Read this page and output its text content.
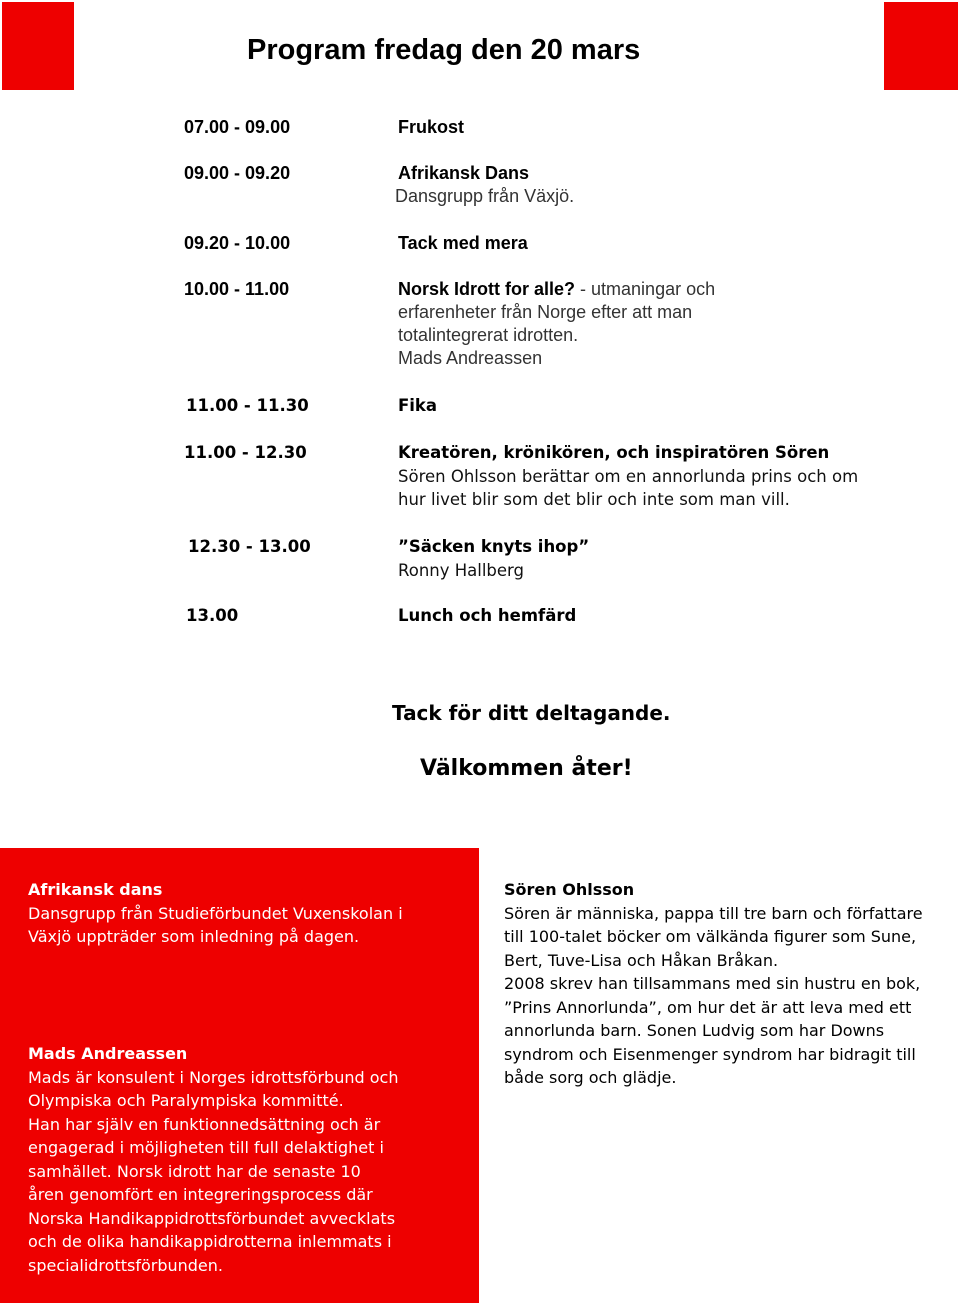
Program fredag den 20 mars
07.00 - 09.00	Frukost
09.00 - 09.20	Afrikansk Dans
Dansgrupp från Växjö.
09.20 - 10.00	Tack med mera
10.00 - 11.00	Norsk Idrott for alle? - utmaningar och
erfarenheter från Norge efter att man
totalintegrerat idrotten.
Mads Andreassen
11.00 - 11.30	Fika
11.00 - 12.30	Kreatören, krönikören, och inspiratören Sören
Sören Ohlsson berättar om en annorlunda prins och om
hur livet blir som det blir och inte som man vill.
12.30 - 13.00	”Säcken knyts ihop”
Ronny Hallberg
13.00	Lunch och hemfärd
Tack för ditt deltagande.
Välkommen åter!
Afrikansk dans
Dansgrupp från Studieförbundet Vuxenskolan i
Växjö uppträder som inledning på dagen.
Mads Andreassen
Mads är konsulent i Norges idrottsförbund och
Olympiska och Paralympiska kommitté.
Han har själv en funktionnedsättning och är
engagerad i möjligheten till full delaktighet i
samhället. Norsk idrott har de senaste 10
åren genomfört en integreringsprocess där
Norska Handikappidrottsförbundet avvecklats
och de olika handikappidrotterna inlemmats i
specialidrottsförbunden.
Sören Ohlsson
Sören är människa, pappa till tre barn och författare
till 100-talet böcker om välkända figurer som Sune,
Bert, Tuve-Lisa och Håkan Bråkan.
2008 skrev han tillsammans med sin hustru en bok,
”Prins Annorlunda”, om hur det är att leva med ett
annorlunda barn. Sonen Ludvig som har Downs
syndrom och Eisenmenger syndrom har bidragit till
både sorg och glädje.
